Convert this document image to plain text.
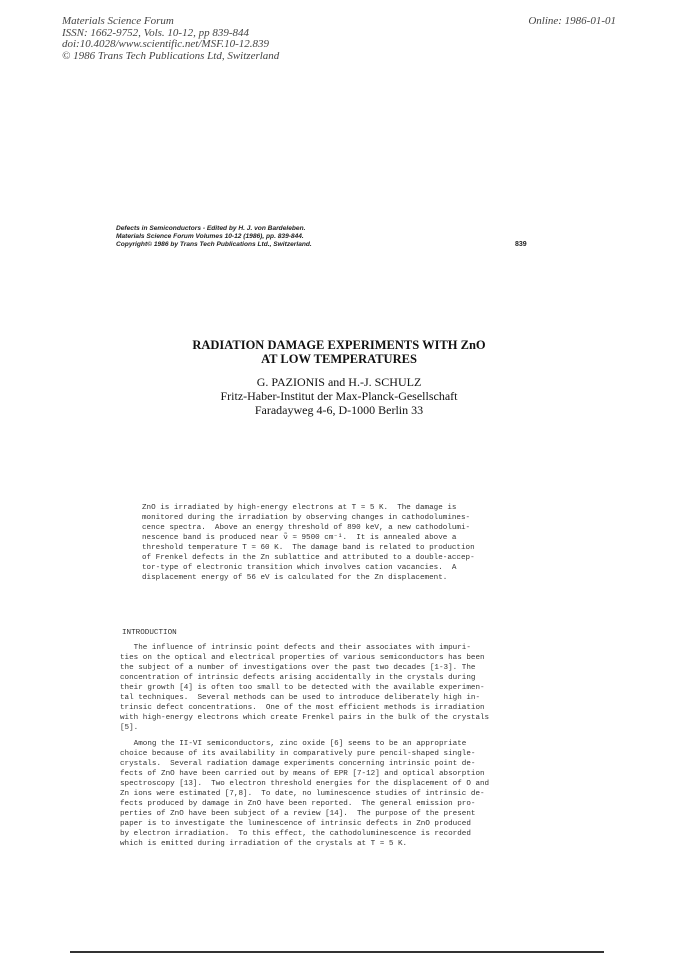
Materials Science Forum
ISSN: 1662-9752, Vols. 10-12, pp 839-844
doi:10.4028/www.scientific.net/MSF.10-12.839
© 1986 Trans Tech Publications Ltd, Switzerland
Online: 1986-01-01
Defects in Semiconductors - Edited by H. J. von Bardeleben.
Materials Science Forum Volumes 10-12 (1986), pp. 839-844.
Copyright© 1986 by Trans Tech Publications Ltd., Switzerland.	839
RADIATION DAMAGE EXPERIMENTS WITH ZnO
AT LOW TEMPERATURES
G. PAZIONIS and H.-J. SCHULZ
Fritz-Haber-Institut der Max-Planck-Gesellschaft
Faradayweg 4-6, D-1000 Berlin 33
ZnO is irradiated by high-energy electrons at T ≈ 5 K.  The damage is
monitored during the irradiation by observing changes in cathodolumines-
cence spectra.  Above an energy threshold of 890 keV, a new cathodolumi-
nescence band is produced near ν̃ ≈ 9500 cm⁻¹.  It is annealed above a
threshold temperature T ≈ 60 K.  The damage band is related to production
of Frenkel defects in the Zn sublattice and attributed to a double-accep-
tor-type of electronic transition which involves cation vacancies.  A
displacement energy of 56 eV is calculated for the Zn displacement.
INTRODUCTION
The influence of intrinsic point defects and their associates with impuri-
ties on the optical and electrical properties of various semiconductors has been
the subject of a number of investigations over the past two decades [1-3]. The
concentration of intrinsic defects arising accidentally in the crystals during
their growth [4] is often too small to be detected with the available experimen-
tal techniques.  Several methods can be used to introduce deliberately high in-
trinsic defect concentrations.  One of the most efficient methods is irradiation
with high-energy electrons which create Frenkel pairs in the bulk of the crystals
[5].
Among the II-VI semiconductors, zinc oxide [6] seems to be an appropriate
choice because of its availability in comparatively pure pencil-shaped single-
crystals.  Several radiation damage experiments concerning intrinsic point de-
fects of ZnO have been carried out by means of EPR [7-12] and optical absorption
spectroscopy [13].  Two electron threshold energies for the displacement of O and
Zn ions were estimated [7,8].  To date, no luminescence studies of intrinsic de-
fects produced by damage in ZnO have been reported.  The general emission pro-
perties of ZnO have been subject of a review [14].  The purpose of the present
paper is to investigate the luminescence of intrinsic defects in ZnO produced
by electron irradiation.  To this effect, the cathodoluminescence is recorded
which is emitted during irradiation of the crystals at T ≈ 5 K.
